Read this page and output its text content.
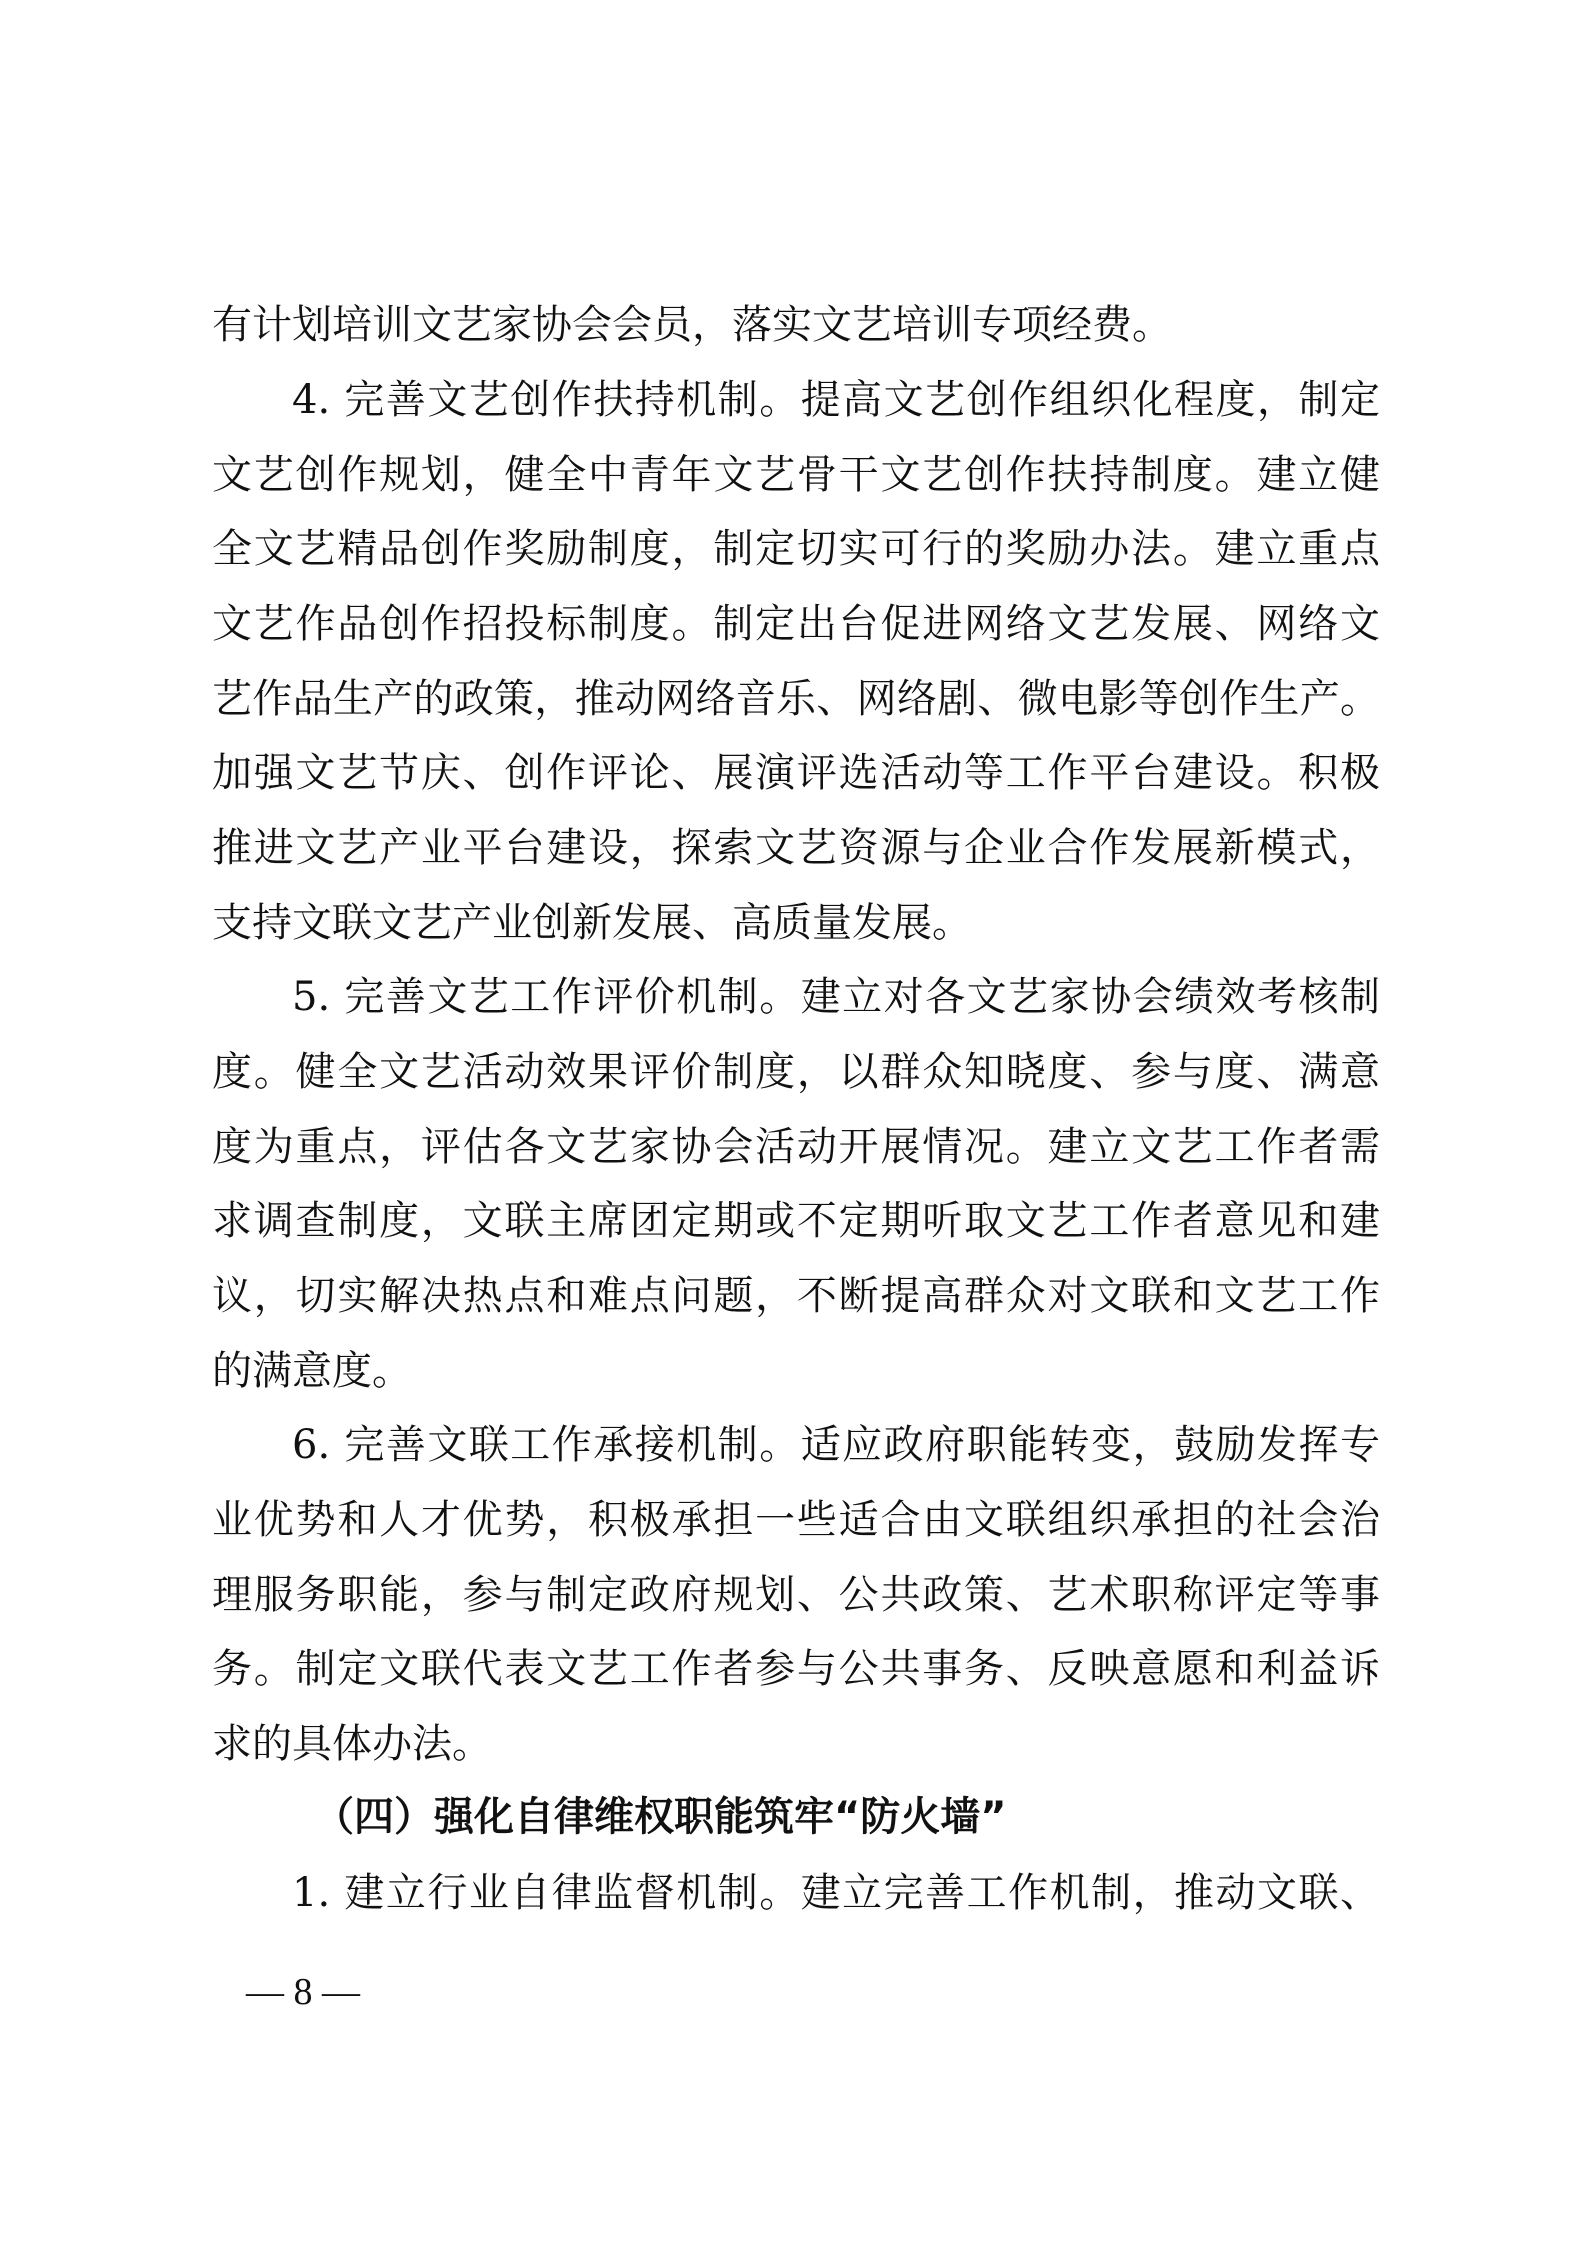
有计划培训文艺家协会会员，落实文艺培训专项经费。
4. 完善文艺创作扶持机制。提高文艺创作组织化程度，制定
文艺创作规划，健全中青年文艺骨干文艺创作扶持制度。建立健
全文艺精品创作奖励制度，制定切实可行的奖励办法。建立重点
文艺作品创作招投标制度。制定出台促进网络文艺发展、网络文
艺作品生产的政策，推动网络音乐、网络剧、微电影等创作生产。
加强文艺节庆、创作评论、展演评选活动等工作平台建设。积极
推进文艺产业平台建设，探索文艺资源与企业合作发展新模式，
支持文联文艺产业创新发展、高质量发展。
5. 完善文艺工作评价机制。建立对各文艺家协会绩效考核制
度。健全文艺活动效果评价制度，以群众知晓度、参与度、满意
度为重点，评估各文艺家协会活动开展情况。建立文艺工作者需
求调查制度，文联主席团定期或不定期听取文艺工作者意见和建
议，切实解决热点和难点问题，不断提高群众对文联和文艺工作
的满意度。
6. 完善文联工作承接机制。适应政府职能转变，鼓励发挥专
业优势和人才优势，积极承担一些适合由文联组织承担的社会治
理服务职能，参与制定政府规划、公共政策、艺术职称评定等事
务。制定文联代表文艺工作者参与公共事务、反映意愿和利益诉
求的具体办法。
（四）强化自律维权职能筑牢“防火墙”
1. 建立行业自律监督机制。建立完善工作机制，推动文联、
— 8 —
